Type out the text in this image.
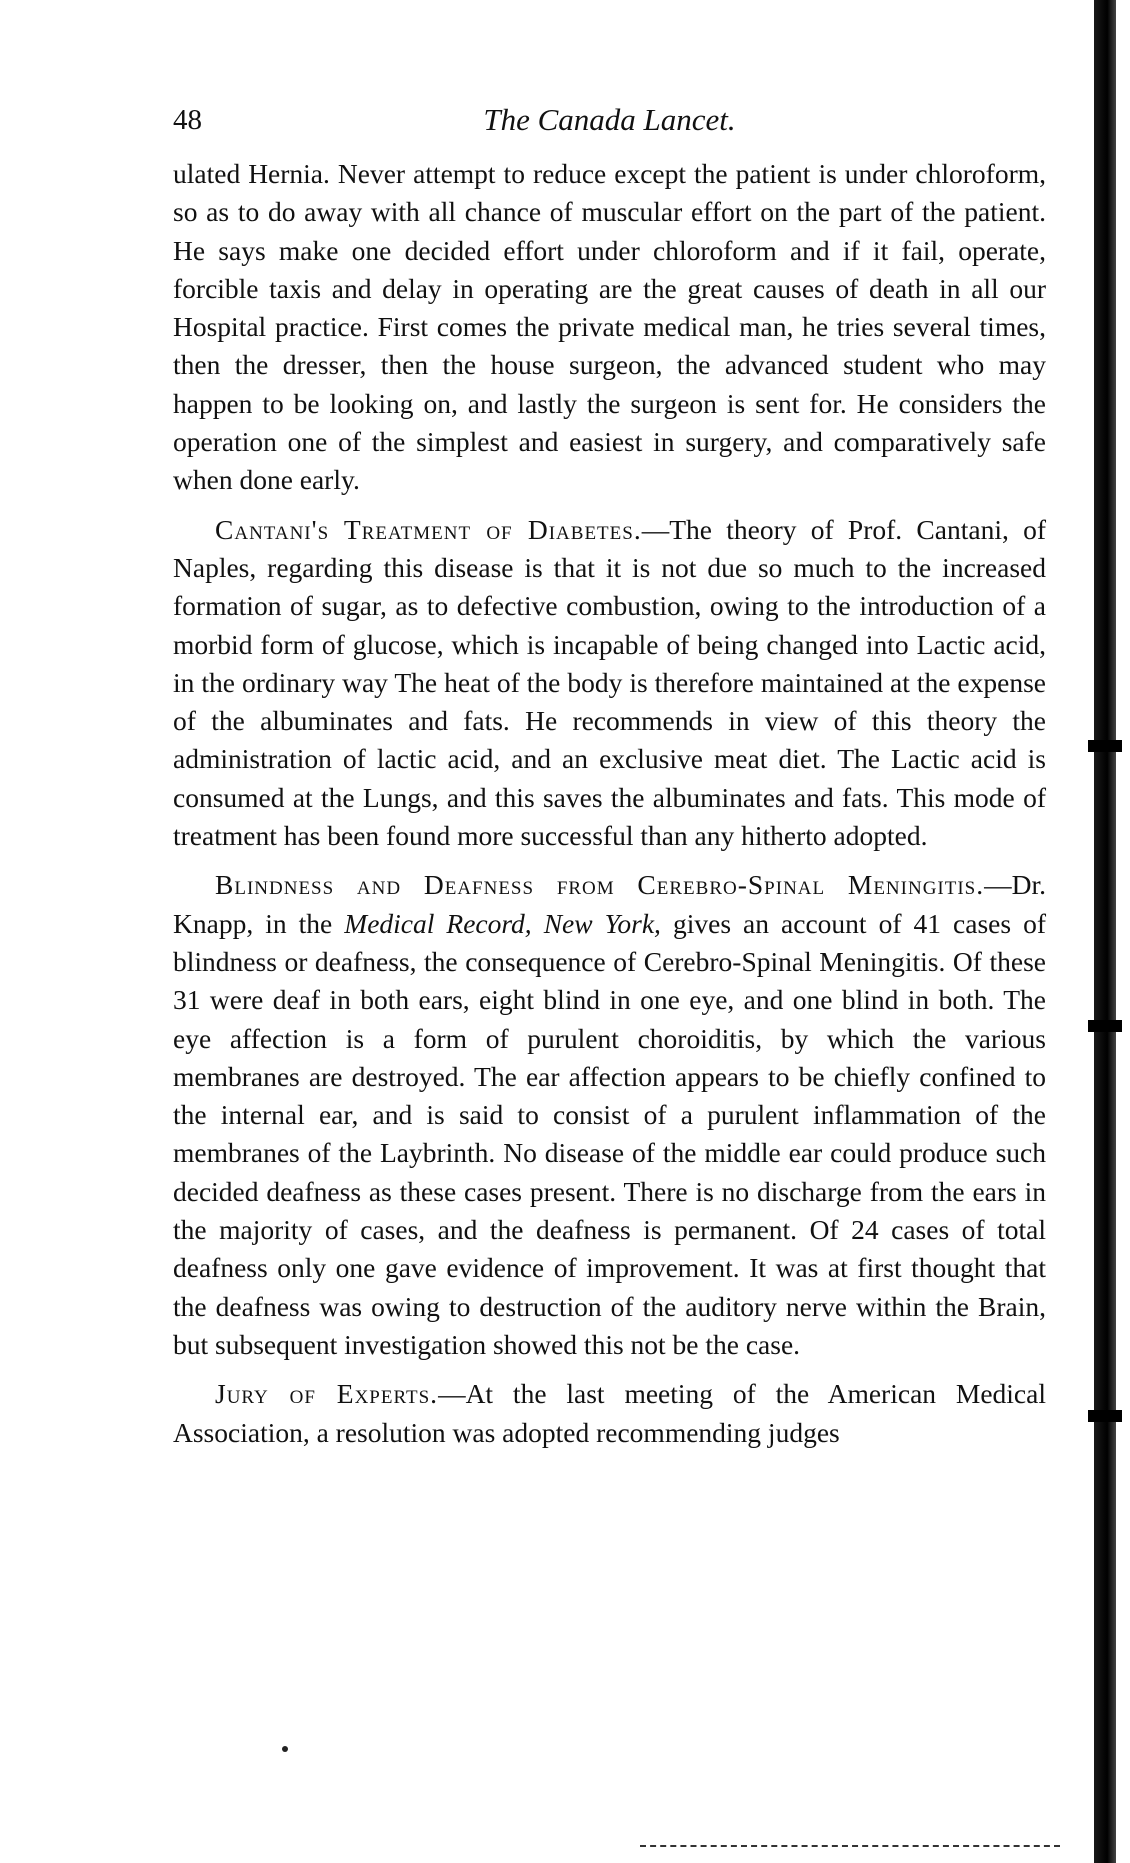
48	The Canada Lancet.

ulated Hernia. Never attempt to reduce except the patient is under chloroform, so as to do away with all chance of muscular effort on the part of the patient. He says make one decided effort under chloroform and if it fail, operate, forcible taxis and delay in operating are the great causes of death in all our Hospital practice. First comes the private medical man, he tries several times, then the dresser, then the house surgeon, the advanced student who may happen to be looking on, and lastly the surgeon is sent for. He considers the operation one of the simplest and easiest in surgery, and comparatively safe when done early.

Cantani's Treatment of Diabetes.—The theory of Prof. Cantani, of Naples, regarding this disease is that it is not due so much to the increased formation of sugar, as to defective combustion, owing to the introduction of a morbid form of glucose, which is incapable of being changed into Lactic acid, in the ordinary way The heat of the body is therefore maintained at the expense of the albuminates and fats. He recommends in view of this theory the administration of lactic acid, and an exclusive meat diet. The Lactic acid is consumed at the Lungs, and this saves the albuminates and fats. This mode of treatment has been found more successful than any hitherto adopted.

Blindness and Deafness from Cerebro-Spinal Meningitis.—Dr. Knapp, in the Medical Record, New York, gives an account of 41 cases of blindness or deafness, the consequence of Cerebro-Spinal Meningitis. Of these 31 were deaf in both ears, eight blind in one eye, and one blind in both. The eye affection is a form of purulent choroiditis, by which the various membranes are destroyed. The ear affection appears to be chiefly confined to the internal ear, and is said to consist of a purulent inflammation of the membranes of the Laybrinth. No disease of the middle ear could produce such decided deafness as these cases present. There is no discharge from the ears in the majority of cases, and the deafness is permanent. Of 24 cases of total deafness only one gave evidence of improvement. It was at first thought that the deafness was owing to destruction of the auditory nerve within the Brain, but subsequent investigation showed this not be the case.

Jury of Experts.—At the last meeting of the American Medical Association, a resolution was adopted recommending judges
